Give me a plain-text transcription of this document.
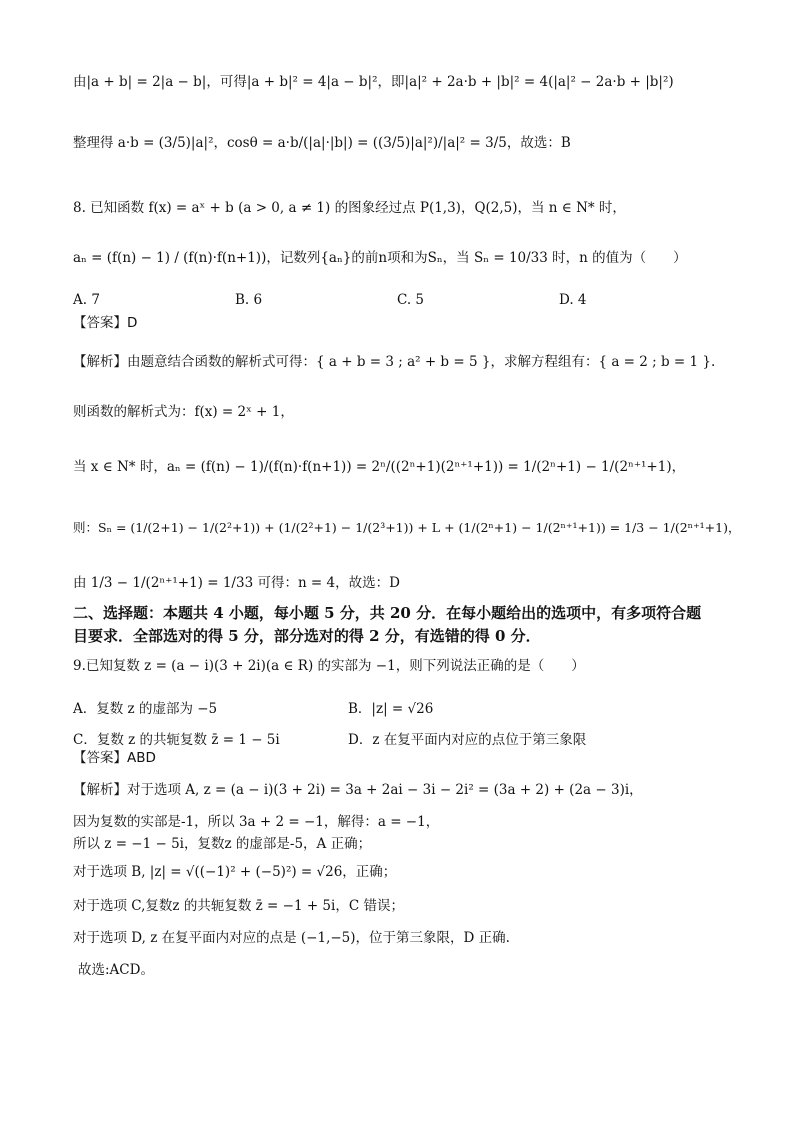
由|a + b| = 2|a − b|，可得|a + b|² = 4|a − b|²，即|a|² + 2a·b + |b|² = 4(|a|² − 2a·b + |b|²)
整理得 a·b = (3/5)|a|²，cosθ = a·b/(|a|·|b|) = ((3/5)|a|²)/|a|² = 3/5，故选：B
8. 已知函数 f(x) = aˣ + b (a > 0, a ≠ 1) 的图象经过点 P(1,3)，Q(2,5)，当 n ∈ N* 时，
aₙ = (f(n) − 1) / (f(n)·f(n+1))，记数列{aₙ}的前n项和为Sₙ，当 Sₙ = 10/33 时，n 的值为（　　）
A. 7	B. 6	C. 5	D. 4
【答案】D
【解析】由题意结合函数的解析式可得：{ a + b = 3 ; a² + b = 5 }，求解方程组有：{ a = 2 ; b = 1 }.
则函数的解析式为：f(x) = 2ˣ + 1，
当 x ∈ N* 时，aₙ = (f(n) − 1)/(f(n)·f(n+1)) = 2ⁿ/((2ⁿ+1)(2ⁿ⁺¹+1)) = 1/(2ⁿ+1) − 1/(2ⁿ⁺¹+1)，
则：Sₙ = (1/(2+1) − 1/(2²+1)) + (1/(2²+1) − 1/(2³+1)) + L + (1/(2ⁿ+1) − 1/(2ⁿ⁺¹+1)) = 1/3 − 1/(2ⁿ⁺¹+1)，
由 1/3 − 1/(2ⁿ⁺¹+1) = 1/33 可得：n = 4，故选：D
二、选择题：本题共 4 小题，每小题 5 分，共 20 分．在每小题给出的选项中，有多项符合题
目要求．全部选对的得 5 分，部分选对的得 2 分，有选错的得 0 分．
9.已知复数 z = (a − i)(3 + 2i)(a ∈ R) 的实部为 −1，则下列说法正确的是（　　）
A．复数 z 的虚部为 −5	B．|z| = √26
C．复数 z 的共轭复数 z̄ = 1 − 5i	D．z 在复平面内对应的点位于第三象限
【答案】ABD
【解析】对于选项 A, z = (a − i)(3 + 2i) = 3a + 2ai − 3i − 2i² = (3a + 2) + (2a − 3)i，
因为复数的实部是-1，所以 3a + 2 = −1，解得：a = −1，
所以 z = −1 − 5i，复数z 的虚部是-5，A 正确；
对于选项 B, |z| = √((−1)² + (−5)²) = √26，正确；
对于选项 C,复数z 的共轭复数 z̄ = −1 + 5i，C 错误；
对于选项 D, z 在复平面内对应的点是 (−1,−5)，位于第三象限，D 正确.
故选:ACD。
